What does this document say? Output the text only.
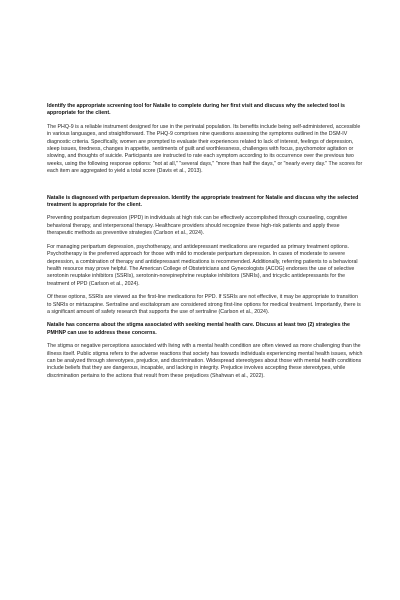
Identify the appropriate screening tool for Natalie to complete during her first visit and discuss why the selected tool is appropriate for the client.

The PHQ-9 is a reliable instrument designed for use in the perinatal population. Its benefits include being self-administered, accessible in various languages, and straightforward. The PHQ-9 comprises nine questions assessing the symptoms outlined in the DSM-IV diagnostic criteria. Specifically, women are prompted to evaluate their experiences related to lack of interest, feelings of depression, sleep issues, tiredness, changes in appetite, sentiments of guilt and worthlessness, challenges with focus, psychomotor agitation or slowing, and thoughts of suicide. Participants are instructed to rate each symptom according to its occurrence over the previous two weeks, using the following response options: "not at all," "several days," "more than half the days," or "nearly every day." The scores for each item are aggregated to yield a total score (Davis et al., 2013).

Natalie is diagnosed with peripartum depression. Identify the appropriate treatment for Natalie and discuss why the selected treatment is appropriate for the client.

Preventing postpartum depression (PPD) in individuals at high risk can be effectively accomplished through counseling, cognitive behavioral therapy, and interpersonal therapy. Healthcare providers should recognize these high-risk patients and apply these therapeutic methods as preventive strategies (Carlson et al., 2024).

For managing peripartum depression, psychotherapy, and antidepressant medications are regarded as primary treatment options. Psychotherapy is the preferred approach for those with mild to moderate peripartum depression. In cases of moderate to severe depression, a combination of therapy and antidepressant medications is recommended. Additionally, referring patients to a behavioral health resource may prove helpful. The American College of Obstetricians and Gynecologists (ACOG) endorses the use of selective serotonin reuptake inhibitors (SSRIs), serotonin-norepinephrine reuptake inhibitors (SNRIs), and tricyclic antidepressants for the treatment of PPD (Carlson et al., 2024).

Of these options, SSRIs are viewed as the first-line medications for PPD. If SSRIs are not effective, it may be appropriate to transition to SNRIs or mirtazapine. Sertraline and escitalopram are considered strong first-line options for medical treatment. Importantly, there is a significant amount of safety research that supports the use of sertraline (Carlson et al., 2024).

Natalie has concerns about the stigma associated with seeking mental health care. Discuss at least two (2) strategies the PMHNP can use to address these concerns.

The stigma or negative perceptions associated with living with a mental health condition are often viewed as more challenging than the illness itself. Public stigma refers to the adverse reactions that society has towards individuals experiencing mental health issues, which can be analyzed through stereotypes, prejudice, and discrimination. Widespread stereotypes about those with mental health conditions include beliefs that they are dangerous, incapable, and lacking in integrity. Prejudice involves accepting these stereotypes, while discrimination pertains to the actions that result from these prejudices (Shahwan et al., 2022).
